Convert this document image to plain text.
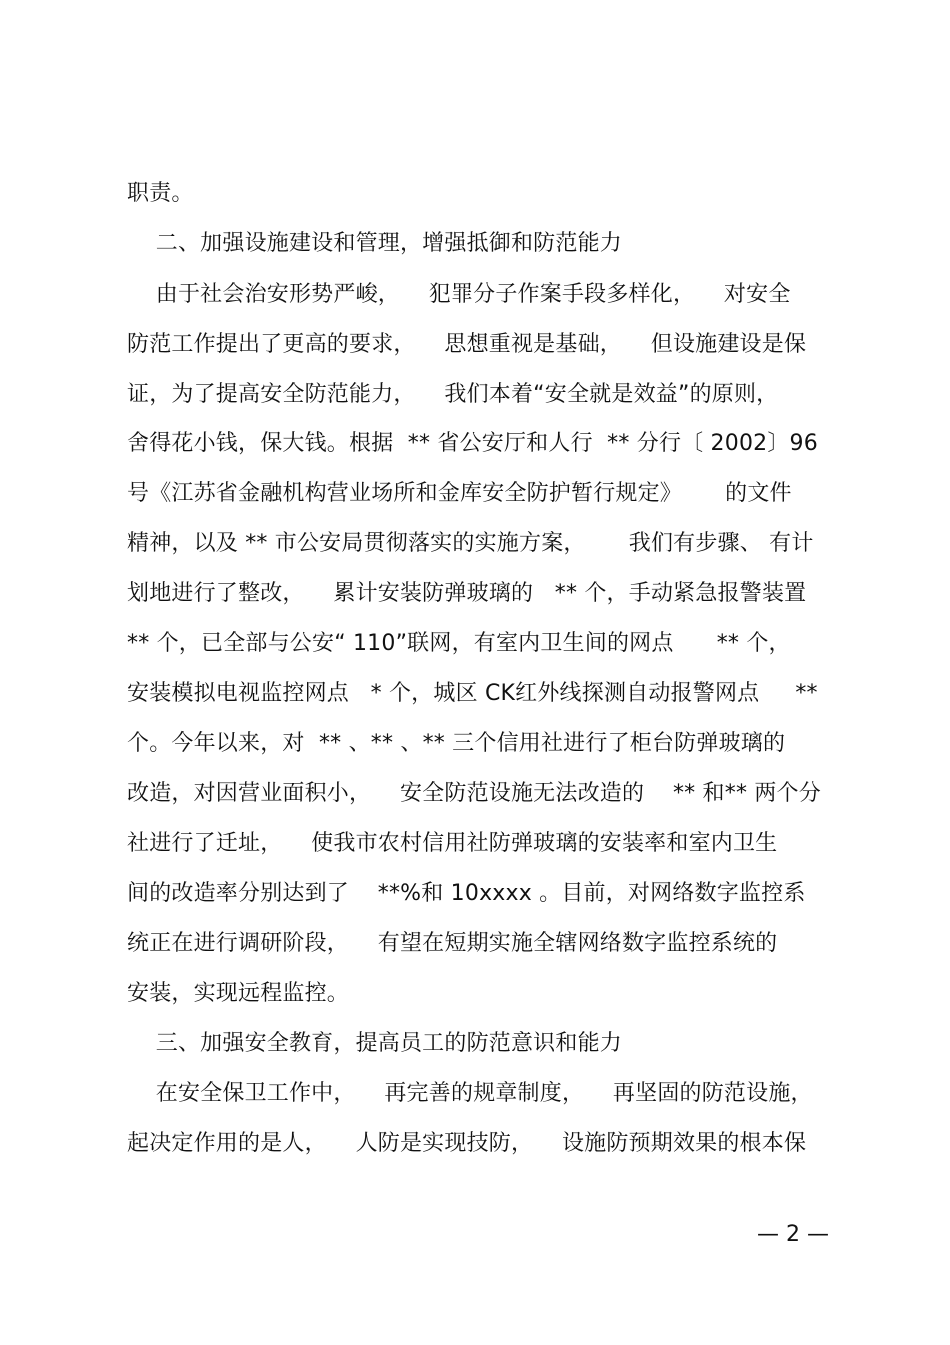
职责。
二、加强设施建设和管理，增强抵御和防范能力
由于社会治安形势严峻，    犯罪分子作案手段多样化，    对安全
防范工作提出了更高的要求，    思想重视是基础，    但设施建设是保
证，为了提高安全防范能力，    我们本着“安全就是效益”的原则，
舍得花小钱，保大钱。根据  ** 省公安厅和人行  ** 分行〔 2002〕96
号《江苏省金融机构营业场所和金库安全防护暂行规定》      的文件
精神，以及 ** 市公安局贯彻落实的实施方案，      我们有步骤、 有计
划地进行了整改，    累计安装防弹玻璃的   ** 个，手动紧急报警装置
** 个，已全部与公安“ 110”联网，有室内卫生间的网点      ** 个，
安装模拟电视监控网点   * 个，城区 CK红外线探测自动报警网点     **
个。今年以来，对  ** 、** 、** 三个信用社进行了柜台防弹玻璃的
改造，对因营业面积小，    安全防范设施无法改造的    ** 和** 两个分
社进行了迁址，    使我市农村信用社防弹玻璃的安装率和室内卫生
间的改造率分别达到了    **%和 10xxxx 。目前，对网络数字监控系
统正在进行调研阶段，    有望在短期实施全辖网络数字监控系统的
安装，实现远程监控。
三、加强安全教育，提高员工的防范意识和能力
在安全保卫工作中，    再完善的规章制度，    再坚固的防范设施，
起决定作用的是人，    人防是实现技防，    设施防预期效果的根本保
— 2 —
